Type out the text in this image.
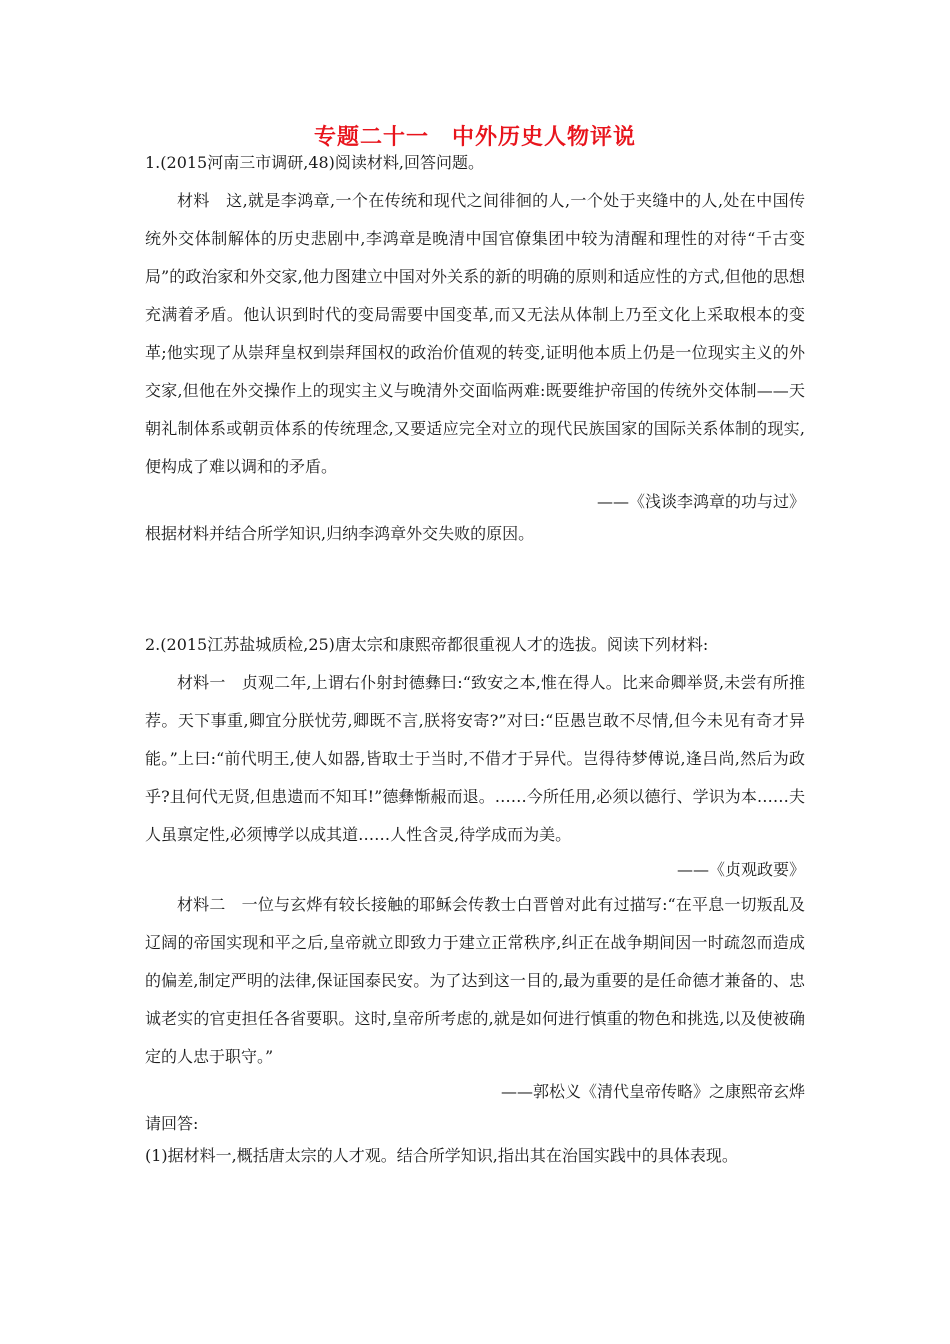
专题二十一　中外历史人物评说
1.(2015河南三市调研,48)阅读材料,回答问题。

材料　这,就是李鸿章,一个在传统和现代之间徘徊的人,一个处于夹缝中的人,处在中国传统外交体制解体的历史悲剧中,李鸿章是晚清中国官僚集团中较为清醒和理性的对待“千古变局”的政治家和外交家,他力图建立中国对外关系的新的明确的原则和适应性的方式,但他的思想充满着矛盾。他认识到时代的变局需要中国变革,而又无法从体制上乃至文化上采取根本的变革;他实现了从崇拜皇权到崇拜国权的政治价值观的转变,证明他本质上仍是一位现实主义的外交家,但他在外交操作上的现实主义与晚清外交面临两难:既要维护帝国的传统外交体制——天朝礼制体系或朝贡体系的传统理念,又要适应完全对立的现代民族国家的国际关系体制的现实,便构成了难以调和的矛盾。

——《浅谈李鸿章的功与过》
根据材料并结合所学知识,归纳李鸿章外交失败的原因。
2.(2015江苏盐城质检,25)唐太宗和康熙帝都很重视人才的选拔。阅读下列材料:

材料一　贞观二年,上谓右仆射封德彝曰:“致安之本,惟在得人。比来命卿举贤,未尝有所推荐。天下事重,卿宜分朕忧劳,卿既不言,朕将安寄?”对曰:“臣愚岂敢不尽情,但今未见有奇才异能。”上曰:“前代明王,使人如器,皆取士于当时,不借才于异代。岂得待梦傅说,逢吕尚,然后为政乎?且何代无贤,但患遗而不知耳!”德彝惭赧而退。……今所任用,必须以德行、学识为本……夫人虽禀定性,必须博学以成其道……人性含灵,待学成而为美。

——《贞观政要》

材料二　一位与玄烨有较长接触的耶稣会传教士白晋曾对此有过描写:“在平息一切叛乱及辽阔的帝国实现和平之后,皇帝就立即致力于建立正常秩序,纠正在战争期间因一时疏忽而造成的偏差,制定严明的法律,保证国泰民安。为了达到这一目的,最为重要的是任命德才兼备的、忠诚老实的官吏担任各省要职。这时,皇帝所考虑的,就是如何进行慎重的物色和挑选,以及使被确定的人忠于职守。”

——郭松义《清代皇帝传略》之康熙帝玄烨
请回答:
(1)据材料一,概括唐太宗的人才观。结合所学知识,指出其在治国实践中的具体表现。
